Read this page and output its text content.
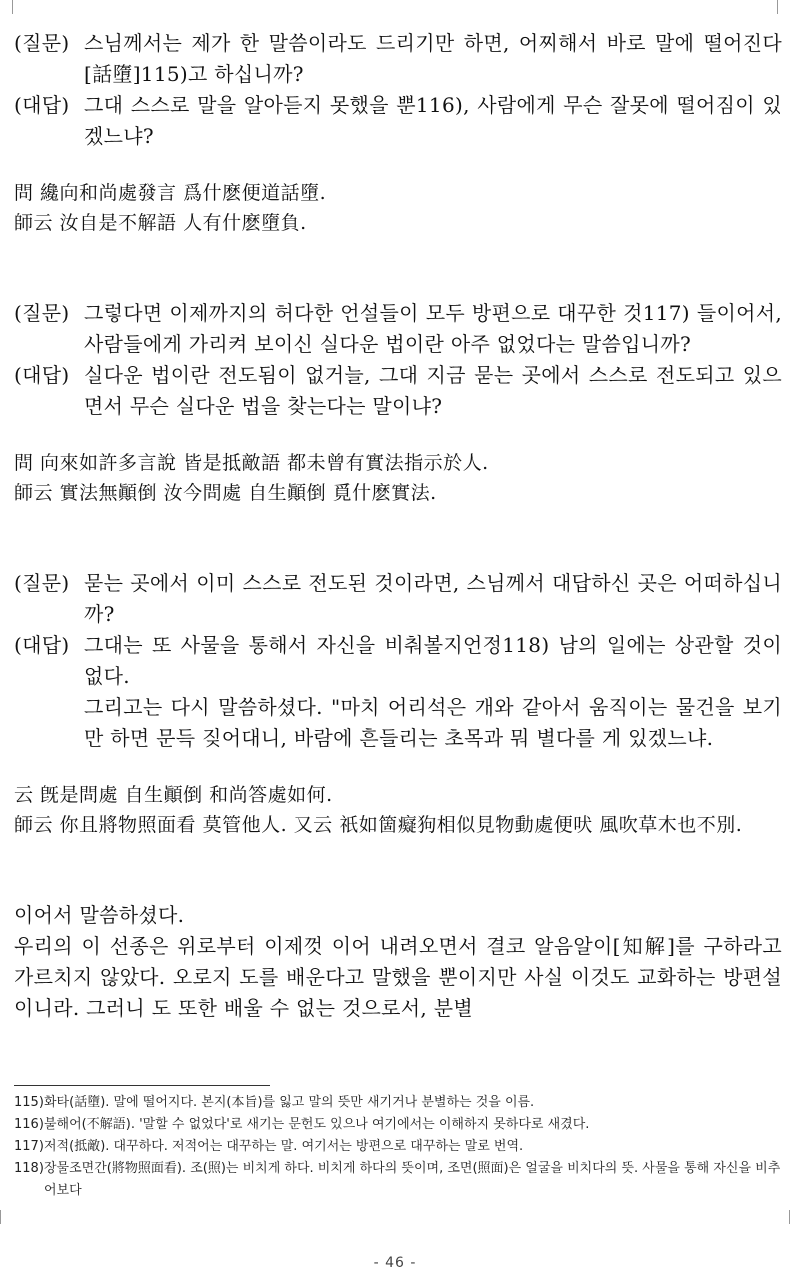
(질문) 스님께서는 제가 한 말씀이라도 드리기만 하면, 어찌해서 바로 말에 떨어진다[話墮]115)고 하십니까?
(대답) 그대 스스로 말을 알아듣지 못했을 뿐116), 사람에게 무슨 잘못에 떨어짐이 있겠느냐?
問 纔向和尚處發言 爲什麽便道話墮.
師云 汝自是不解語 人有什麽墮負.
(질문) 그렇다면 이제까지의 허다한 언설들이 모두 방편으로 대꾸한 것117) 들이어서, 사람들에게 가리켜 보이신 실다운 법이란 아주 없었다는 말씀입니까?
(대답) 실다운 법이란 전도됨이 없거늘, 그대 지금 묻는 곳에서 스스로 전도되고 있으면서 무슨 실다운 법을 찾는다는 말이냐?
問 向來如許多言說 皆是抵敵語 都未曾有實法指示於人.
師云 實法無顚倒 汝今問處 自生顚倒 覓什麽實法.
(질문) 묻는 곳에서 이미 스스로 전도된 것이라면, 스님께서 대답하신 곳은 어떠하십니까?
(대답) 그대는 또 사물을 통해서 자신을 비춰볼지언정118) 남의 일에는 상관할 것이 없다.
그리고는 다시 말씀하셨다. "마치 어리석은 개와 같아서 움직이는 물건을 보기만 하면 문득 짖어대니, 바람에 흔들리는 초목과 뭐 별다를 게 있겠느냐.
云 旣是問處 自生顚倒 和尚答處如何.
師云 你且將物照面看 莫管他人. 又云 祇如箇癡狗相似見物動處便吠 風吹草木也不別.
이어서 말씀하셨다.
우리의 이 선종은 위로부터 이제껏 이어 내려오면서 결코 알음알이[知解]를 구하라고 가르치지 않았다. 오로지 도를 배운다고 말했을 뿐이지만 사실 이것도 교화하는 방편설이니라. 그러니 도 또한 배울 수 없는 것으로서, 분별
115) 화타(話墮). 말에 떨어지다. 본지(本旨)를 잃고 말의 뜻만 새기거나 분별하는 것을 이름.
116) 불해어(不解語). '말할 수 없었다'로 새기는 문헌도 있으나 여기에서는 이해하지 못하다로 새겼다.
117) 저적(抵敵). 대꾸하다. 저적어는 대꾸하는 말. 여기서는 방편으로 대꾸하는 말로 번역.
118) 장물조면간(將物照面看). 조(照)는 비치게 하다. 비치게 하다의 뜻이며, 조면(照面)은 얼굴을 비치다의 뜻. 사물을 통해 자신을 비추어보다
- 46 -
